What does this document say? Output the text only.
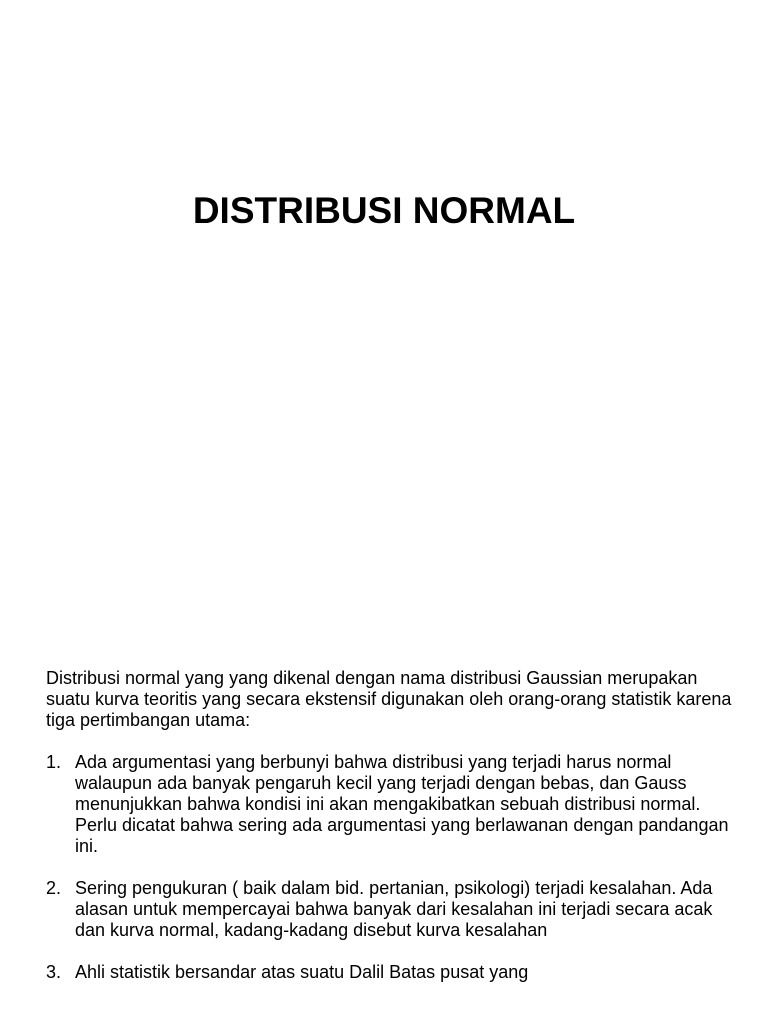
DISTRIBUSI NORMAL

Distribusi normal yang yang dikenal dengan nama distribusi Gaussian merupakan suatu kurva teoritis yang secara ekstensif digunakan oleh orang-orang statistik karena tiga pertimbangan utama:

1. Ada argumentasi yang berbunyi bahwa distribusi yang terjadi harus normal walaupun ada banyak pengaruh kecil yang terjadi dengan bebas, dan Gauss menunjukkan bahwa kondisi ini akan mengakibatkan sebuah distribusi normal. Perlu dicatat bahwa sering ada argumentasi yang berlawanan dengan pandangan ini.
2. Sering pengukuran ( baik dalam bid. pertanian, psikologi) terjadi kesalahan. Ada alasan untuk mempercayai bahwa banyak dari kesalahan ini terjadi secara acak dan kurva normal, kadang-kadang disebut kurva kesalahan
3. Ahli statistik bersandar atas suatu Dalil Batas pusat yang
